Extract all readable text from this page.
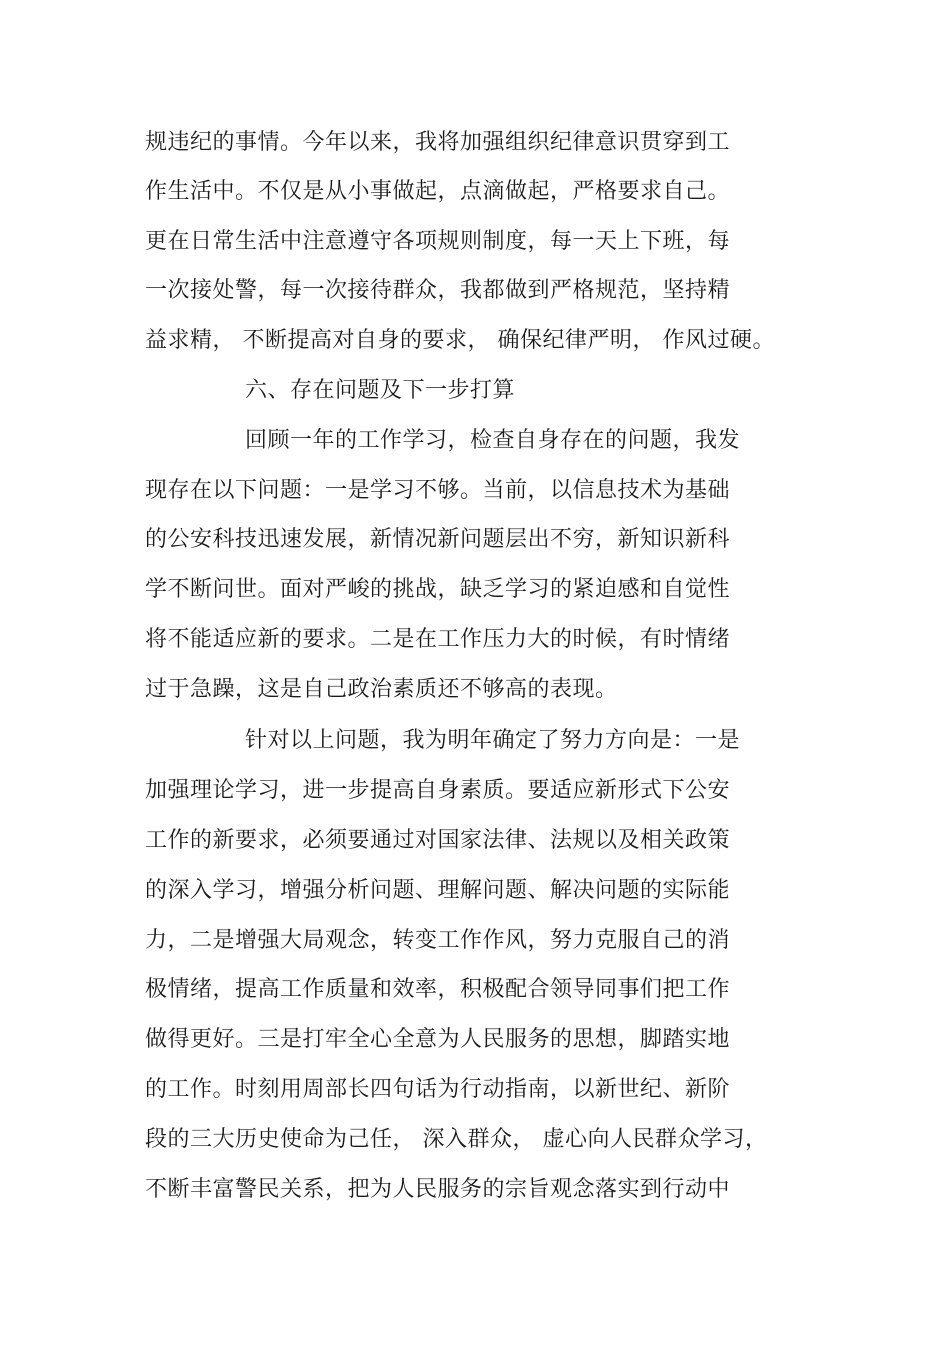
规违纪的事情。今年以来，我将加强组织纪律意识贯穿到工
作生活中。不仅是从小事做起，点滴做起，严格要求自己。
更在日常生活中注意遵守各项规则制度，每一天上下班，每
一次接处警，每一次接待群众，我都做到严格规范，坚持精
益求精， 不断提高对自身的要求， 确保纪律严明， 作风过硬。
六、存在问题及下一步打算
回顾一年的工作学习，检查自身存在的问题，我发
现存在以下问题：一是学习不够。当前，以信息技术为基础
的公安科技迅速发展，新情况新问题层出不穷，新知识新科
学不断问世。面对严峻的挑战，缺乏学习的紧迫感和自觉性
将不能适应新的要求。二是在工作压力大的时候，有时情绪
过于急躁，这是自己政治素质还不够高的表现。
针对以上问题，我为明年确定了努力方向是：一是
加强理论学习，进一步提高自身素质。要适应新形式下公安
工作的新要求，必须要通过对国家法律、法规以及相关政策
的深入学习，增强分析问题、理解问题、解决问题的实际能
力，二是增强大局观念，转变工作作风，努力克服自己的消
极情绪，提高工作质量和效率，积极配合领导同事们把工作
做得更好。三是打牢全心全意为人民服务的思想，脚踏实地
的工作。时刻用周部长四句话为行动指南，以新世纪、新阶
段的三大历史使命为己任， 深入群众， 虚心向人民群众学习，
不断丰富警民关系，把为人民服务的宗旨观念落实到行动中
